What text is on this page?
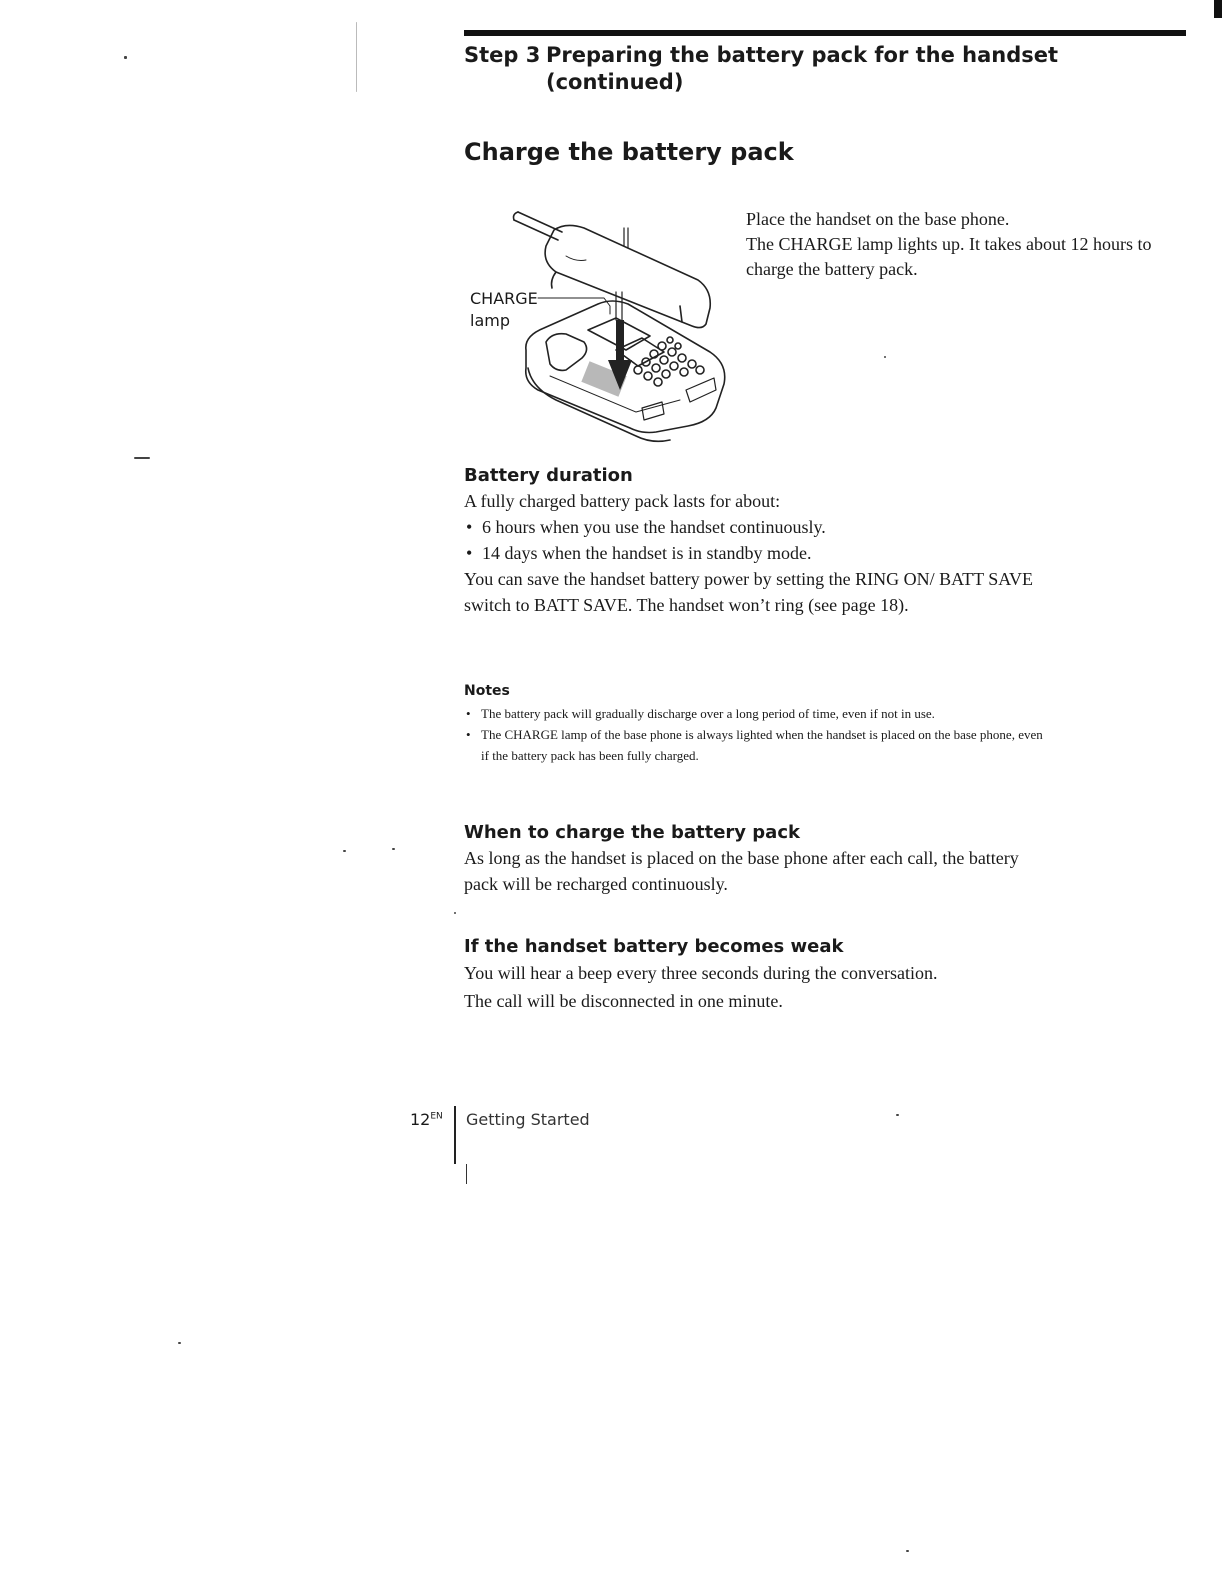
Step 3 Preparing the battery pack for the handset
(continued)
Charge the battery pack
CHARGE
lamp

Place the handset on the base phone.

The CHARGE lamp lights up. It takes about 12 hours to charge the battery pack.

Battery duration

A fully charged battery pack lasts for about:

• 6 hours when you use the handset continuously.
• 14 days when the handset is in standby mode.

You can save the handset battery power by setting the RING ON/ BATT SAVE switch to BATT SAVE. The handset won’t ring (see page 18).

Notes
• The battery pack will gradually discharge over a long period of time, even if not in use.
• The CHARGE lamp of the base phone is always lighted when the handset is placed on the base phone, even if the battery pack has been fully charged.
When to charge the battery pack

As long as the handset is placed on the base phone after each call, the battery pack will be recharged continuously.

If the handset battery becomes weak

You will hear a beep every three seconds during the conversation.

The call will be disconnected in one minute.

$12^{EN}$ Getting Started
